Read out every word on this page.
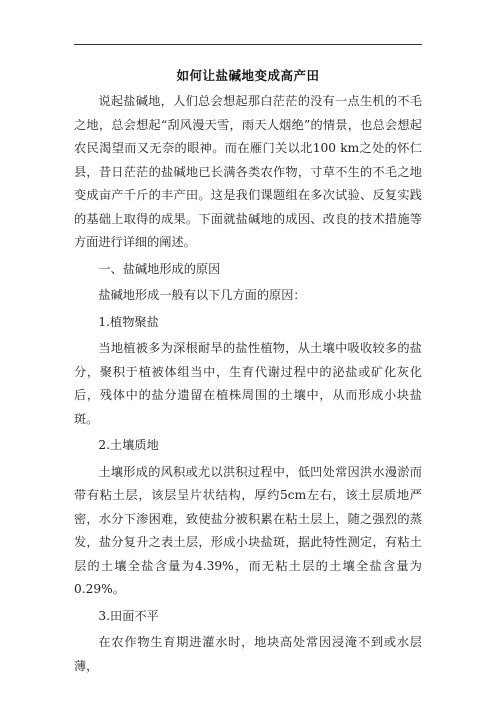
如何让盐碱地变成高产田

说起盐碱地，人们总会想起那白茫茫的没有一点生机的不毛之地，总会想起“刮风漫天雪，雨天人烟绝”的情景，也总会想起农民渴望而又无奈的眼神。而在雁门关以北100 km之处的怀仁县，昔日茫茫的盐碱地已长满各类农作物，寸草不生的不毛之地变成亩产千斤的丰产田。这是我们课题组在多次试验、反复实践的基础上取得的成果。下面就盐碱地的成因、改良的技术措施等方面进行详细的阐述。

一、盐碱地形成的原因

盐碱地形成一般有以下几方面的原因：

1.植物聚盐

当地植被多为深根耐旱的盐性植物，从土壤中吸收较多的盐分，聚积于植被体组当中，生育代谢过程中的泌盐或矿化灰化后，残体中的盐分遗留在植株周围的土壤中，从而形成小块盐斑。

2.土壤质地

土壤形成的风积或尤以洪积过程中，低凹处常因洪水漫淤而带有粘土层，该层呈片状结构，厚约5cm左右，该土层质地严密，水分下渗困难，致使盐分被积累在粘土层上，随之强烈的蒸发，盐分复升之表土层，形成小块盐斑，据此特性测定，有粘土层的土壤全盐含量为4.39%，而无粘土层的土壤全盐含量为0.29%。

3.田面不平

在农作物生育期进灌水时，地块高处常因浸淹不到或水层薄，
